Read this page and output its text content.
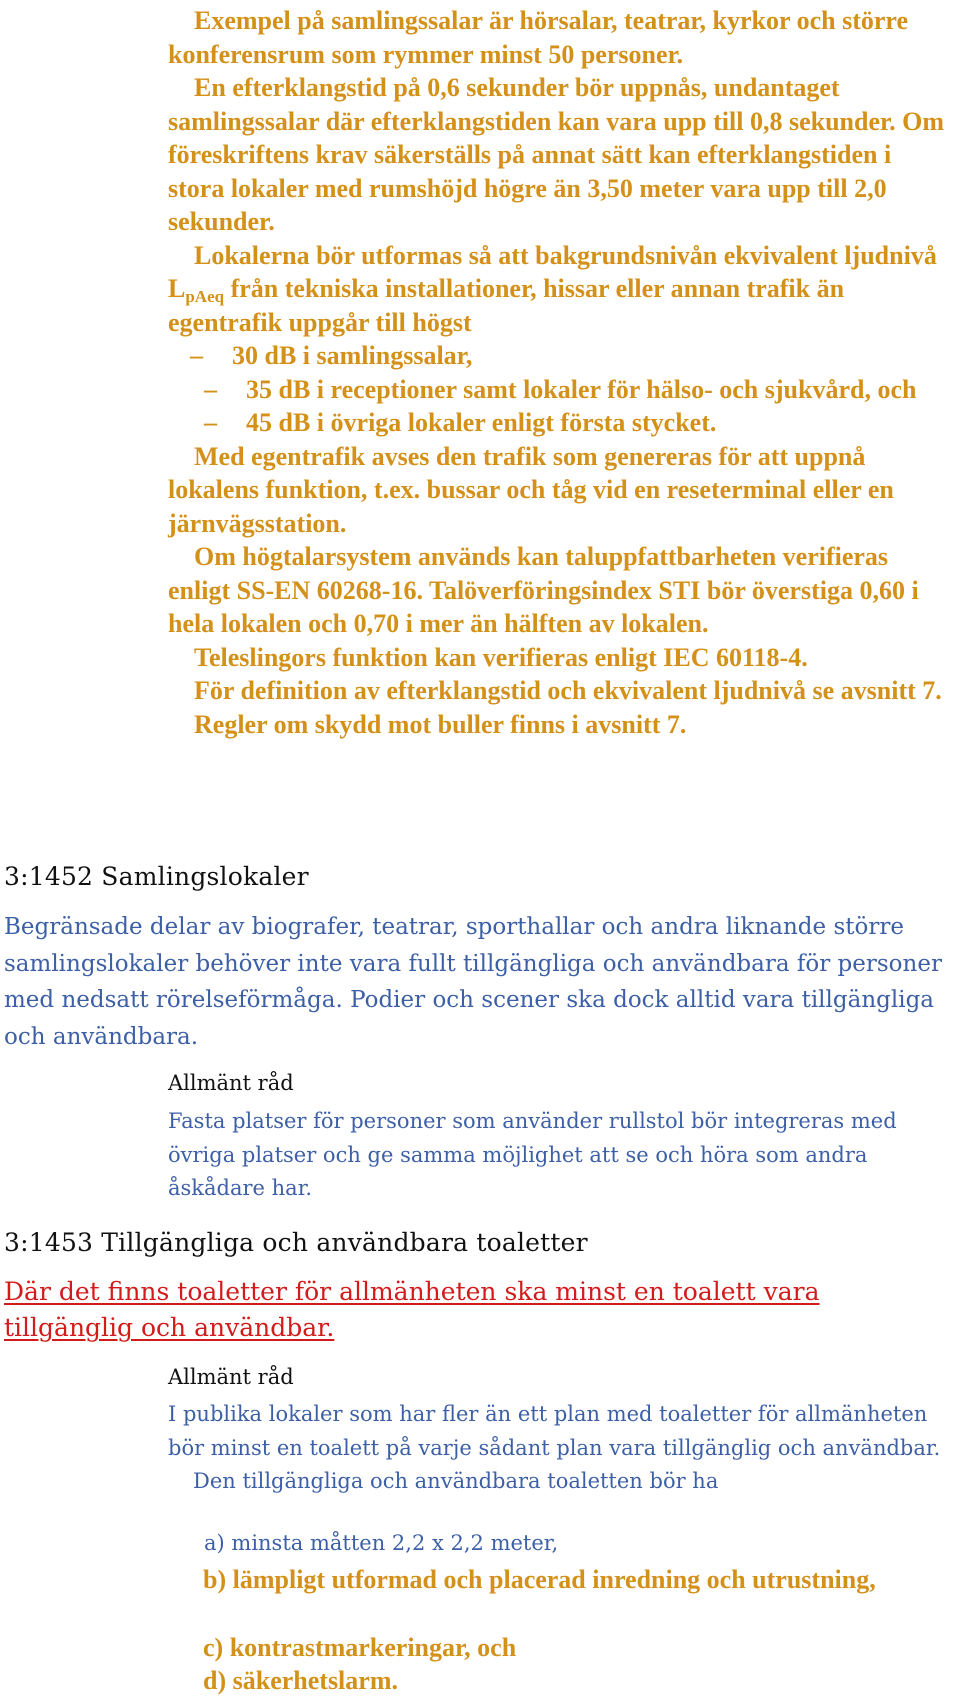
Exempel på samlingssalar är hörsalar, teatrar, kyrkor och större konferensrum som rymmer minst 50 personer.
En efterklangstid på 0,6 sekunder bör uppnås, undantaget samlingssalar där efterklangstiden kan vara upp till 0,8 sekunder. Om föreskriftens krav säkerställs på annat sätt kan efterklangstiden i stora lokaler med rumshöjd högre än 3,50 meter vara upp till 2,0 sekunder.
Lokalerna bör utformas så att bakgrundsnivån ekvivalent ljudnivå $L_{pAeq}$ från tekniska installationer, hissar eller annan trafik än egentrafik uppgår till högst
– 30 dB i samlingssalar,
– 35 dB i receptioner samt lokaler för hälso- och sjukvård, och
– 45 dB i övriga lokaler enligt första stycket.
Med egentrafik avses den trafik som genereras för att uppnå lokalens funktion, t.ex. bussar och tåg vid en reseterminal eller en järnvägsstation.
Om högtalarsystem används kan taluppfattbarheten verifieras enligt SS-EN 60268-16. Talöverföringsindex STI bör överstiga 0,60 i hela lokalen och 0,70 i mer än hälften av lokalen.
Teleslingors funktion kan verifieras enligt IEC 60118-4.
För definition av efterklangstid och ekvivalent ljudnivå se avsnitt 7.
Regler om skydd mot buller finns i avsnitt 7.
3:1452 Samlingslokaler
Begränsade delar av biografer, teatrar, sporthallar och andra liknande större samlingslokaler behöver inte vara fullt tillgängliga och användbara för personer med nedsatt rörelseförmåga. Podier och scener ska dock alltid vara tillgängliga och användbara.
Allmänt råd
Fasta platser för personer som använder rullstol bör integreras med övriga platser och ge samma möjlighet att se och höra som andra åskådare har.
3:1453 Tillgängliga och användbara toaletter
Där det finns toaletter för allmänheten ska minst en toalett vara tillgänglig och användbar.
Allmänt råd
I publika lokaler som har fler än ett plan med toaletter för allmänheten bör minst en toalett på varje sådant plan vara tillgänglig och användbar.
Den tillgängliga och användbara toaletten bör ha
a) minsta måtten 2,2 x 2,2 meter,
b) lämpligt utformad och placerad inredning och utrustning,
c) kontrastmarkeringar, och
d) säkerhetslarm.
